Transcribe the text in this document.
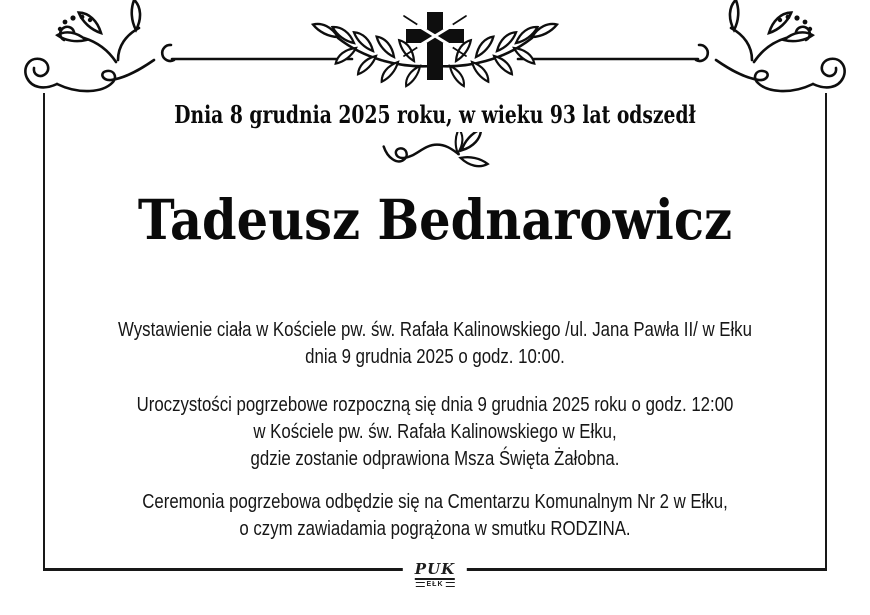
Dnia 8 grudnia 2025 roku, w wieku 93 lat odszedł
Tadeusz Bednarowicz

Wystawienie ciała w Kościele pw. św. Rafała Kalinowskiego /ul. Jana Pawła II/ w Ełku
dnia 9 grudnia 2025 o godz. 10:00.

Uroczystości pogrzebowe rozpoczną się dnia 9 grudnia 2025 roku o godz. 12:00
w Kościele pw. św. Rafała Kalinowskiego w Ełku,
gdzie zostanie odprawiona Msza Święta Żałobna.

Ceremonia pogrzebowa odbędzie się na Cmentarzu Komunalnym Nr 2 w Ełku,
o czym zawiadamia pogrążona w smutku RODZINA.

PUK
EŁK
